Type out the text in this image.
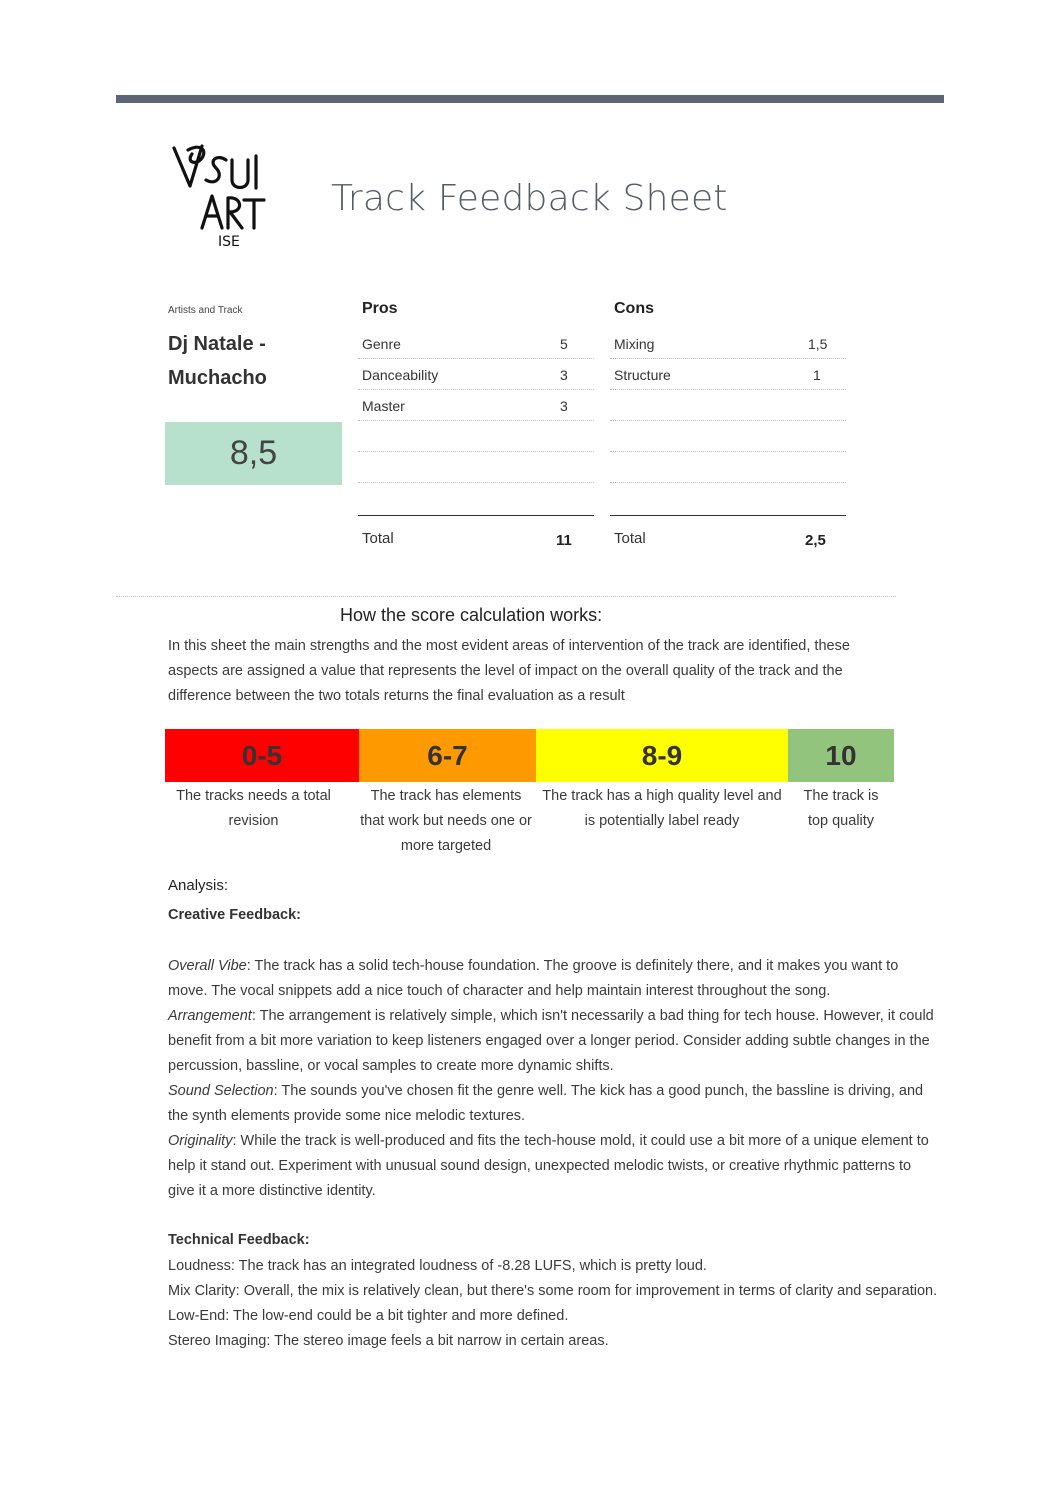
ISE
Track Feedback Sheet
Artists and Track
Dj Natale -
Muchacho
8,5
Pros
Genre	5
Danceability	3
Master	3
Total	11
Cons
Mixing	1,5
Structure	1
Total	2,5
How the score calculation works:
In this sheet the main strengths and the most evident areas of intervention of the track are identified, these aspects are assigned a value that represents the level of impact on the overall quality of the track and the difference between the two totals returns the final evaluation as a result
0-5	6-7	8-9	10
The tracks needs a total revision
The track has elements that work but needs one or more targeted
The track has a high quality level and is potentially label ready
The track is top quality
Analysis:
Creative Feedback:
Overall Vibe: The track has a solid tech-house foundation. The groove is definitely there, and it makes you want to move. The vocal snippets add a nice touch of character and help maintain interest throughout the song.
Arrangement: The arrangement is relatively simple, which isn't necessarily a bad thing for tech house. However, it could benefit from a bit more variation to keep listeners engaged over a longer period. Consider adding subtle changes in the percussion, bassline, or vocal samples to create more dynamic shifts.
Sound Selection: The sounds you've chosen fit the genre well. The kick has a good punch, the bassline is driving, and the synth elements provide some nice melodic textures.
Originality: While the track is well-produced and fits the tech-house mold, it could use a bit more of a unique element to help it stand out. Experiment with unusual sound design, unexpected melodic twists, or creative rhythmic patterns to give it a more distinctive identity.
Technical Feedback:
Loudness: The track has an integrated loudness of -8.28 LUFS, which is pretty loud.
Mix Clarity: Overall, the mix is relatively clean, but there's some room for improvement in terms of clarity and separation.
Low-End: The low-end could be a bit tighter and more defined.
Stereo Imaging: The stereo image feels a bit narrow in certain areas.
